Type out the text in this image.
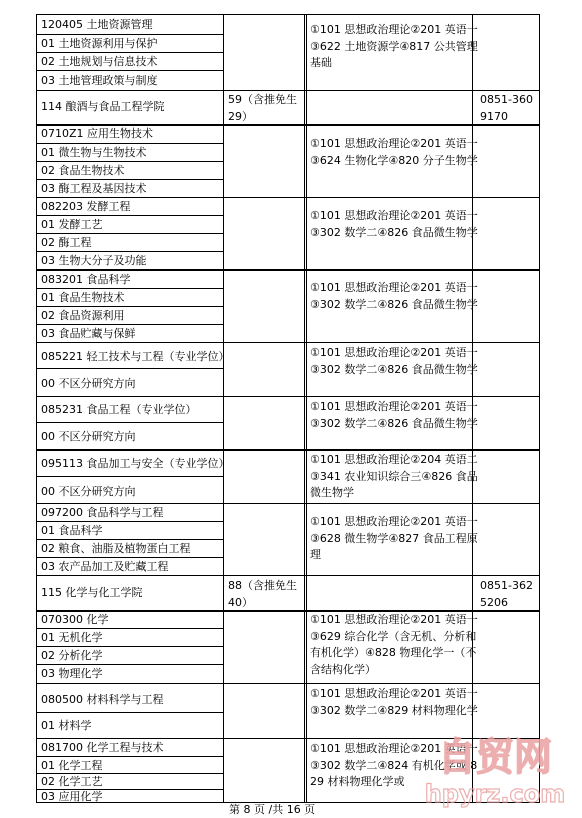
120405 土地资源管理
01 土地资源利用与保护
02 土地规划与信息技术
03 土地管理政策与制度
①101 思想政治理论②201 英语一③622 土地资源学④817 公共管理基础
114 酿酒与食品工程学院
59（含推免生 29）
0851-3609170
0710Z1 应用生物技术
01 微生物与生物技术
02 食品生物技术
03 酶工程及基因技术
①101 思想政治理论②201 英语一③624 生物化学④820 分子生物学
082203 发酵工程
01 发酵工艺
02 酶工程
03 生物大分子及功能
①101 思想政治理论②201 英语一③302 数学二④826 食品微生物学
083201 食品科学
01 食品生物技术
02 食品资源利用
03 食品贮藏与保鲜
①101 思想政治理论②201 英语一③302 数学二④826 食品微生物学
085221 轻工技术与工程（专业学位）
00 不区分研究方向
①101 思想政治理论②201 英语一③302 数学二④826 食品微生物学
085231 食品工程（专业学位）
00 不区分研究方向
①101 思想政治理论②201 英语一③302 数学二④826 食品微生物学
095113 食品加工与安全（专业学位）
00 不区分研究方向
①101 思想政治理论②204 英语二③341 农业知识综合三④826 食品微生物学
097200 食品科学与工程
01 食品科学
02 粮食、油脂及植物蛋白工程
03 农产品加工及贮藏工程
①101 思想政治理论②201 英语一③628 微生物学④827 食品工程原理
115 化学与化工学院
88（含推免生 40）
0851-3625206
070300 化学
01 无机化学
02 分析化学
03 物理化学
①101 思想政治理论②201 英语一③629 综合化学（含无机、分析和有机化学）④828 物理化学一（不含结构化学）
080500 材料科学与工程
01 材料学
①101 思想政治理论②201 英语一③302 数学二④829 材料物理化学
081700 化学工程与技术
01 化学工程
02 化学工艺
03 应用化学
①101 思想政治理论②201 英语一③302 数学二④824 有机化学或 829 材料物理化学或
第 8 页 /共 16 页
自贸网
hpyrz.com
